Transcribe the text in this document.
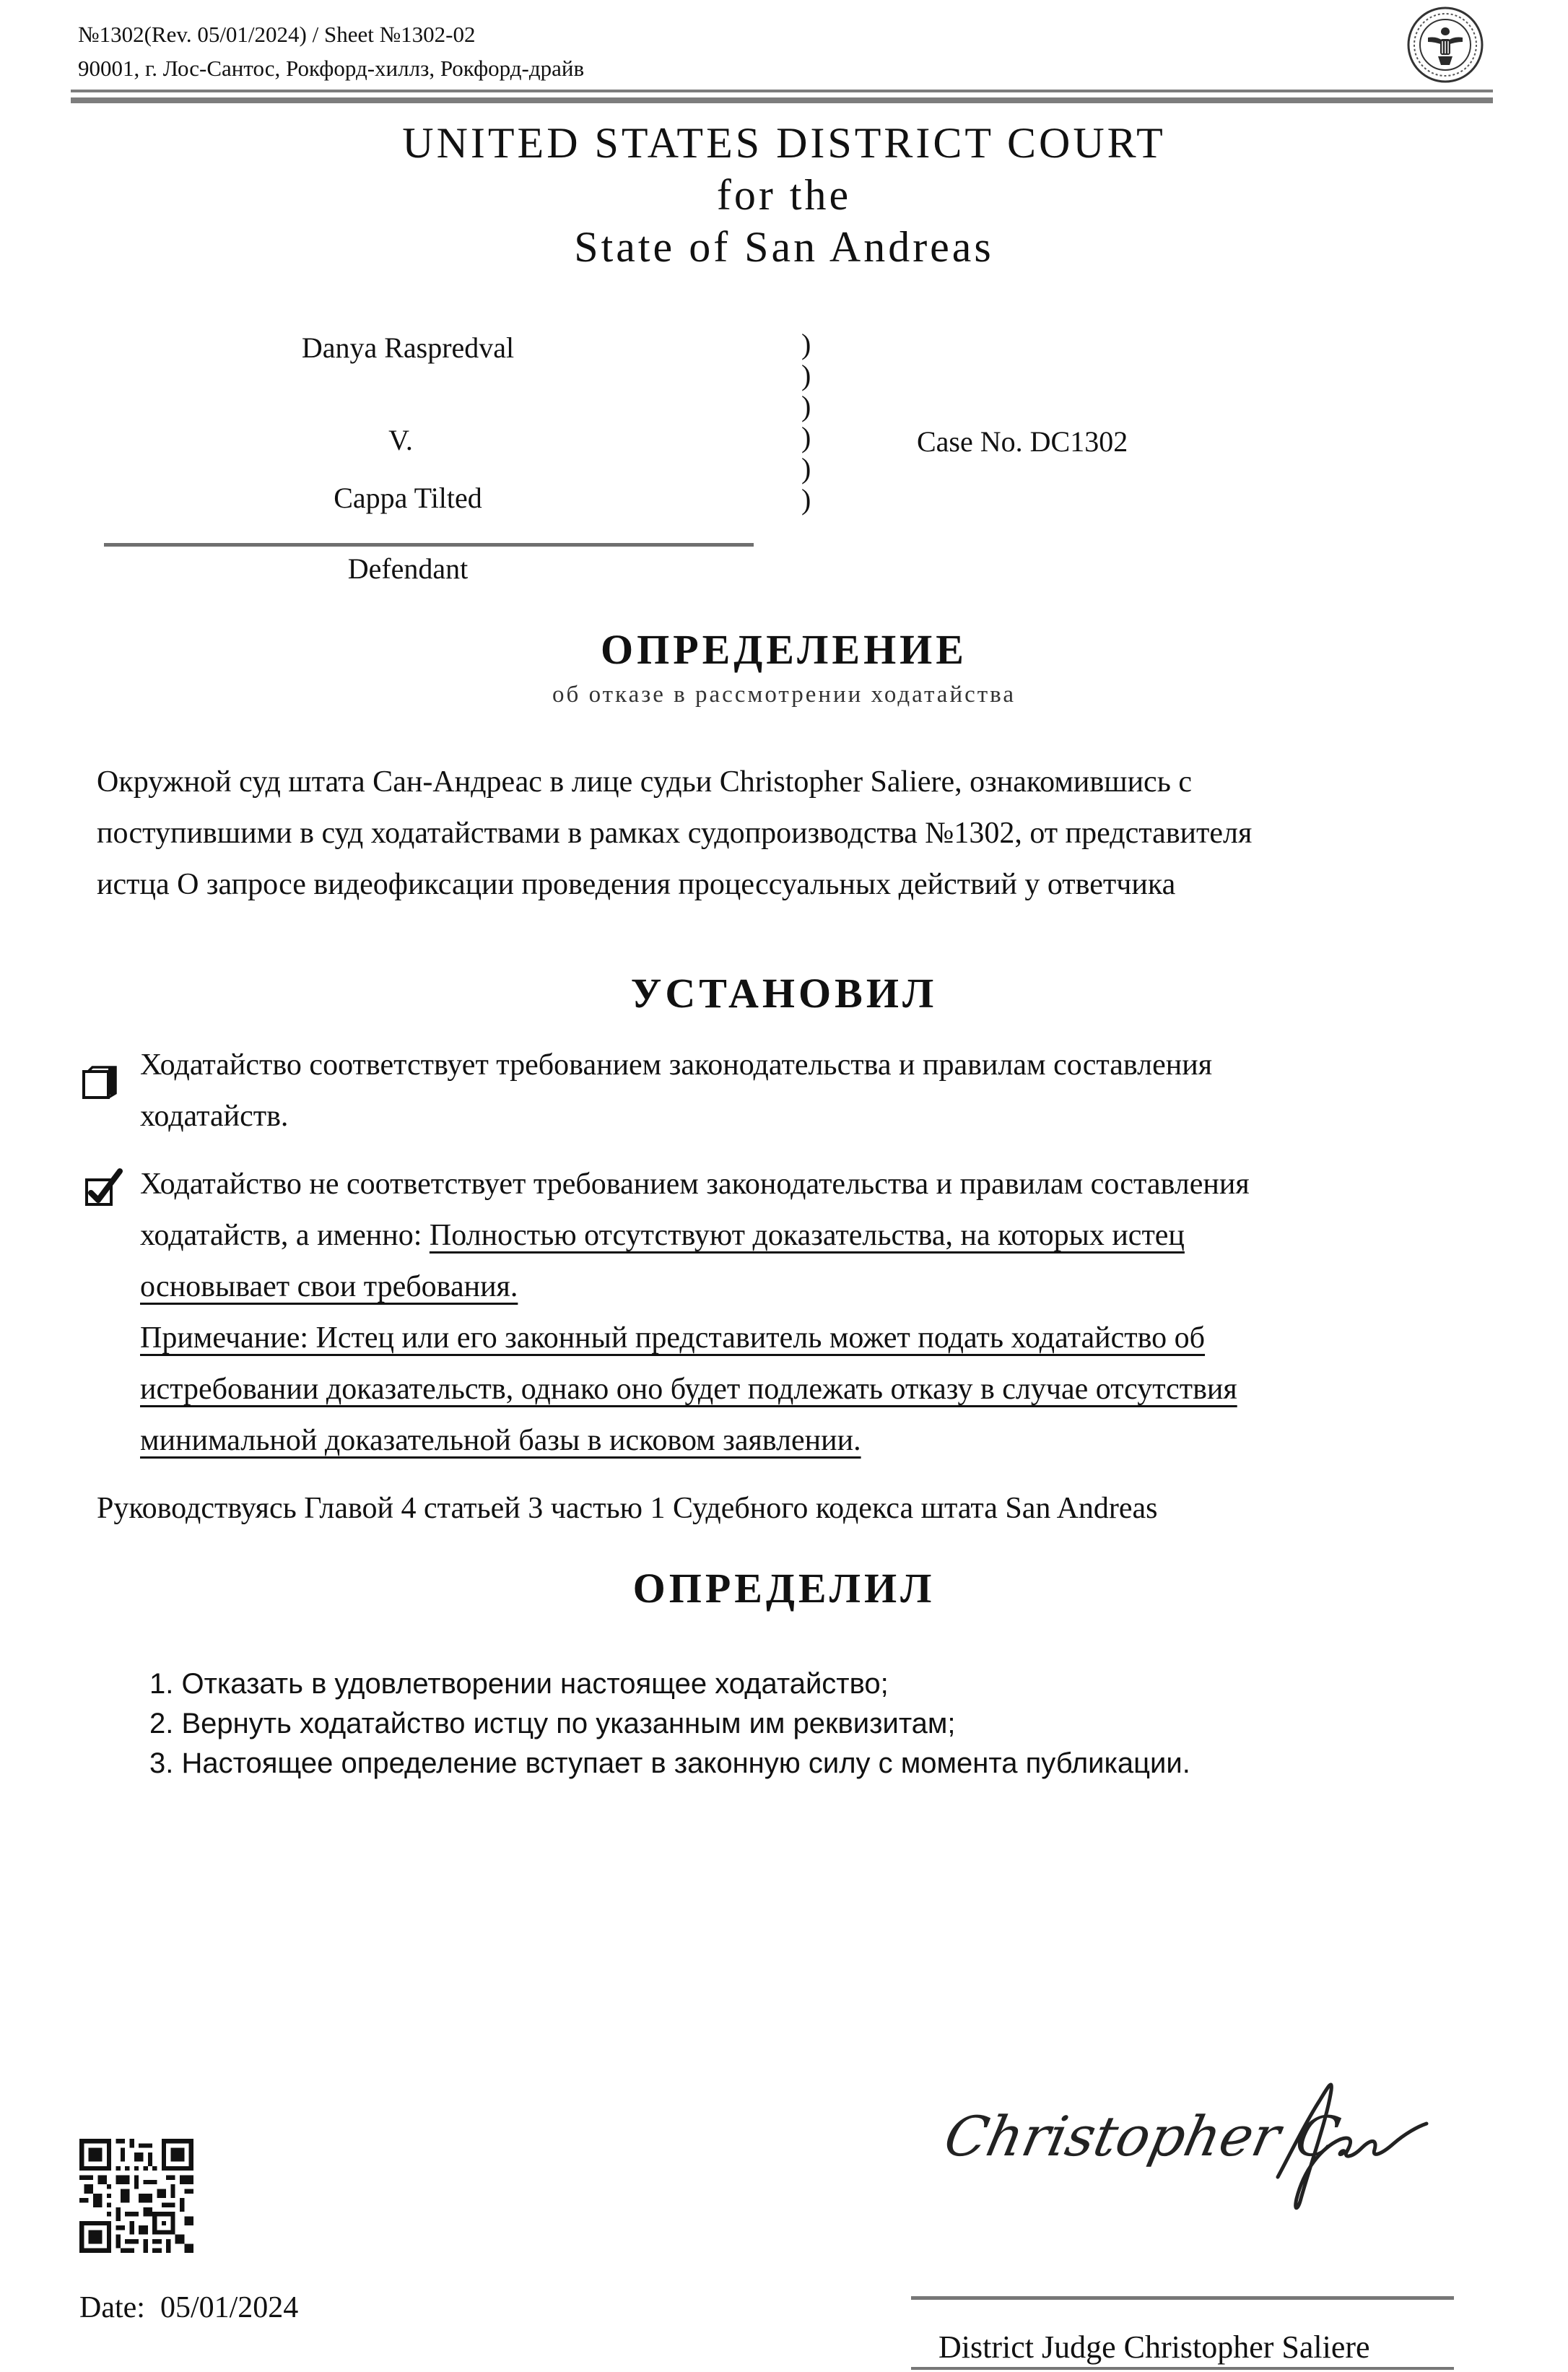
№1302(Rev. 05/01/2024) / Sheet №1302-02
90001, г. Лос-Сантос, Рокфорд-хиллз, Рокфорд-драйв
UNITED STATES DISTRICT COURT
for the
State of San Andreas
Danya Raspredval
V.
Cappa Tilted
Defendant
)
)
)
)
)
)
Case No. DC1302
ОПРЕДЕЛЕНИЕ
об отказе в рассмотрении ходатайства
Окружной суд штата Сан-Андреас в лице судьи Christopher Saliere, ознакомившись с
поступившими в суд ходатайствами в рамках судопроизводства №1302, от представителя
истца О запросе видеофиксации проведения процессуальных действий у ответчика
УСТАНОВИЛ
Ходатайство соответствует требованием законодательства и правилам составления
ходатайств.
Ходатайство не соответствует требованием законодательства и правилам составления
ходатайств, а именно: Полностью отсутствуют доказательства, на которых истец
основывает свои требования.
Примечание: Истец или его законный представитель может подать ходатайство об
истребовании доказательств, однако оно будет подлежать отказу в случае отсутствия
минимальной доказательной базы в исковом заявлении.
Руководствуясь Главой 4 статьей 3 частью 1 Судебного кодекса штата San Andreas
ОПРЕДЕЛИЛ
1. Отказать в удовлетворении настоящее ходатайство;
2. Вернуть ходатайство истцу по указанным им реквизитам;
3. Настоящее определение вступает в законную силу с момента публикации.
Christopher C.
Date: 05/01/2024
District Judge Christopher Saliere
